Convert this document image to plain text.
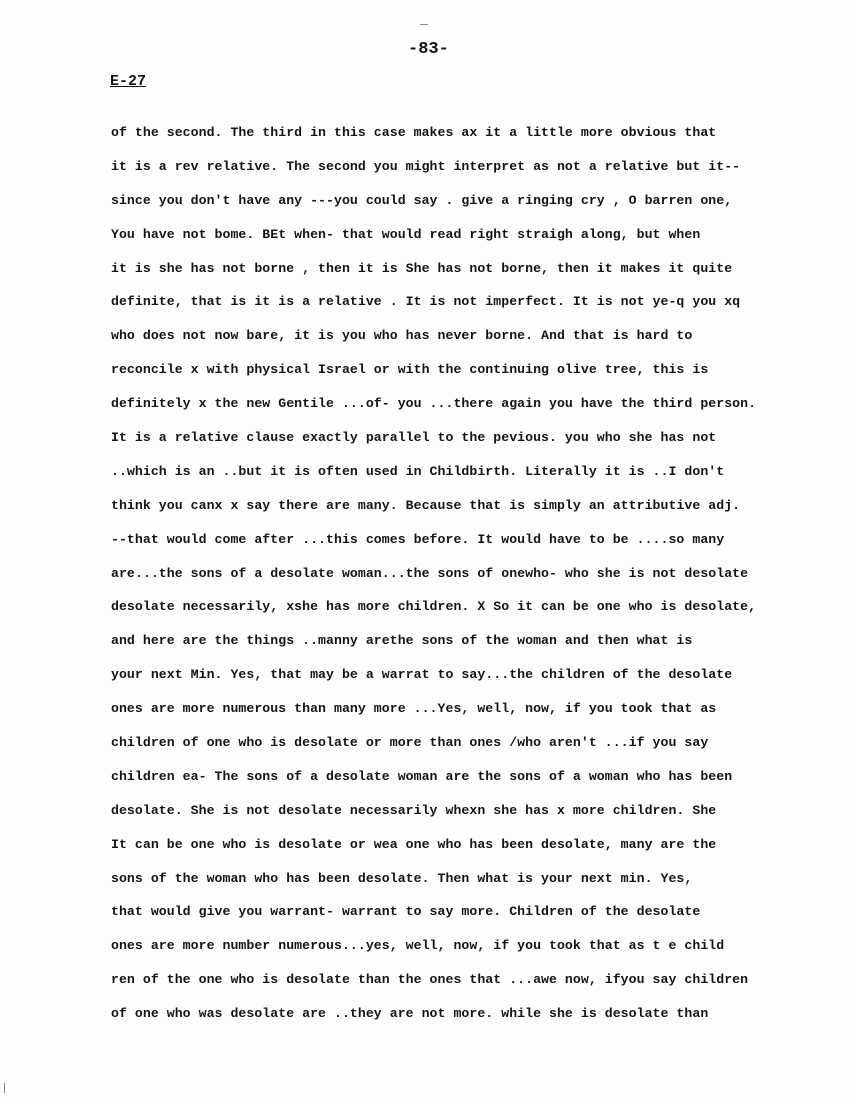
-83-
E-27
of the second. The third in this case makes ax it a little more obvious that
it is a rev relative. The second you might interpret as not a relative but it--
since you don't have any ---you could say . give a ringing cry , O barren one,
You have not bome. BEt when- that would read right straigh along, but when
it is she has not borne , then it is She has not borne, then it makes it quite
definite, that is it is a relative . It is not imperfect. It is not ye-q you xq
who does not now bare, it is you who has never borne. And that is hard to
reconcile x with physical Israel or with the continuing olive tree, this is
definitely x the new Gentile ...of- you ...there again you have the third person.
It is a relative clause exactly parallel to the pevious. you who she has not
..which is an ..but it is often used in Childbirth. Literally it is ..I don't
think you canx x say there are many. Because that is simply an attributive adj.
--that would come after ...this comes before. It would have to be ....so many
are...the sons of a desolate woman...the sons of onewho- who she is not desolate
desolate necessarily, xshe has more children. X So it can be one who is desolate,
and here are the things ..manny arethe sons of the woman and then what is
your next Min. Yes, that may be a warrat to say...the children of the desolate
ones are more numerous than many more ...Yes, well, now, if you took that as
children of one who is desolate or more than ones /who aren't ...if you say
children ea- The sons of a desolate woman are the sons of a woman who has been
desolate. She is not desolate necessarily whexn she has x more children. She
It can be one who is desolate or wea one who has been desolate, many are the
sons of the woman who has been desolate. Then what is your next min. Yes,
that would give you warrant- warrant to say more. Children of the desolate
ones are more number numerous...yes, well, now, if you took that as t e child
ren of the one who is desolate than the ones that ...awe now, ifyou say children
of one who was desolate are ..they are not more. while she is desolate than
